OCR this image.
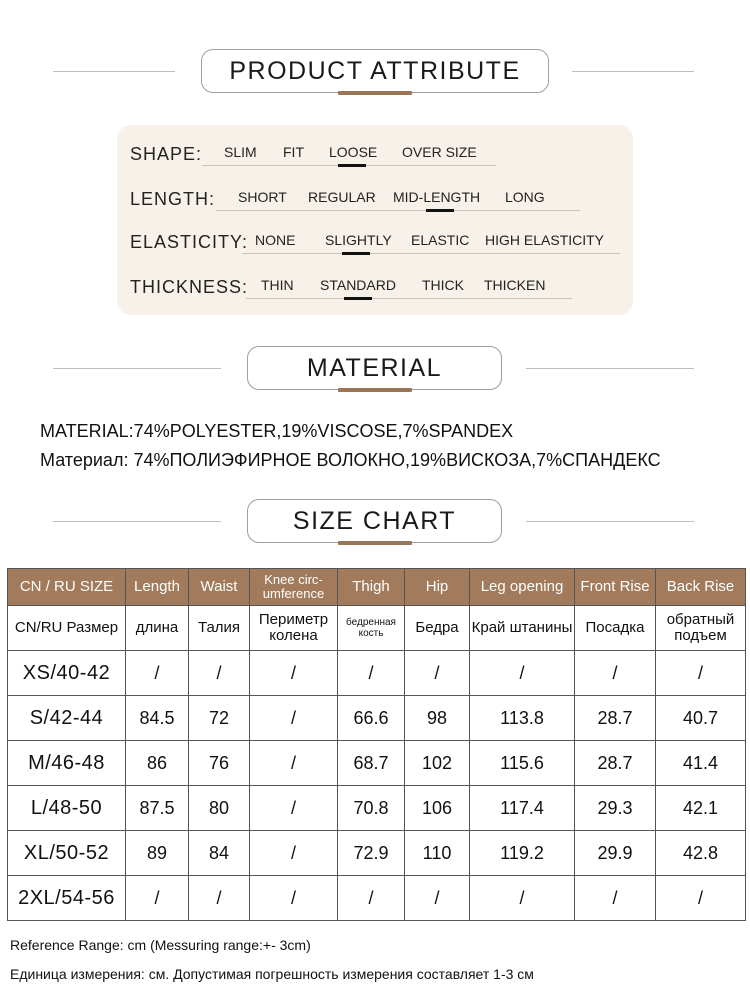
PRODUCT ATTRIBUTE
SHAPE: SLIM FIT LOOSE OVER SIZE
LENGTH: SHORT REGULAR MID-LENGTH LONG
ELASTICITY: NONE SLIGHTLY ELASTIC HIGH ELASTICITY
THICKNESS: THIN STANDARD THICK THICKEN
MATERIAL
MATERIAL:74%POLYESTER,19%VISCOSE,7%SPANDEX
Материал: 74%ПОЛИЭФИРНОЕ ВОЛОКНО,19%ВИСКОЗА,7%СПАНДЕКС
SIZE CHART
CN / RU SIZE	Length	Waist	Knee circ-umference	Thigh	Hip	Leg opening	Front Rise	Back Rise
CN/RU Размер	длина	Талия	Периметр колена	бедренная кость	Бедра	Край штанины	Посадка	обратный подъем
XS/40-42	/	/	/	/	/	/	/	/
S/42-44	84.5	72	/	66.6	98	113.8	28.7	40.7
M/46-48	86	76	/	68.7	102	115.6	28.7	41.4
L/48-50	87.5	80	/	70.8	106	117.4	29.3	42.1
XL/50-52	89	84	/	72.9	110	119.2	29.9	42.8
2XL/54-56	/	/	/	/	/	/	/	/
Reference Range: cm (Messuring range:+- 3cm)
Единица измерения: см. Допустимая погрешность измерения составляет 1-3 см
